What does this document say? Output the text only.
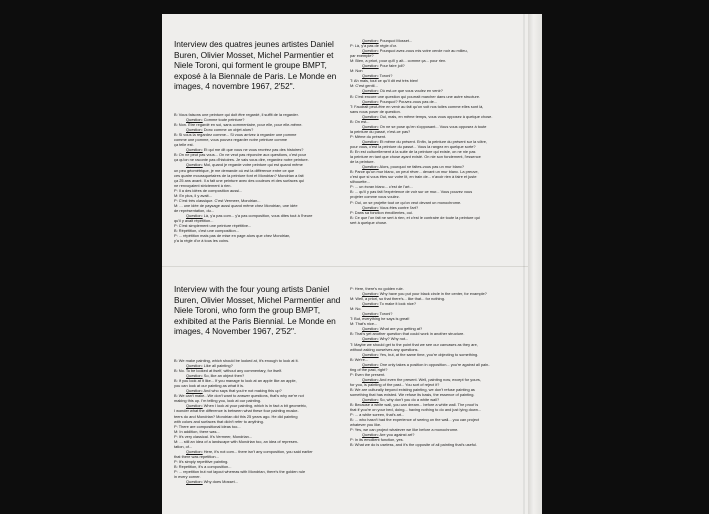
Interview des quatres jeunes artistes Daniel Buren, Olivier Mosset, Michel Parmentier et Niele Toroni, qui forment le groupe BMPT, exposé à la Biennale de Paris. Le Monde en images, 4 novembre 1967, 2'52".
B: Vous faisons une peinture qui doit être regardé, il suffit de la regarder.
Question: Comme toute peinture?
B: Non. Être regardé en soi, sans commentaire, pour elle, pour elle-même.
Question: Donc comme un objet alors?
B: Si vous la regardez comme... Si vous arrivez à regarder une pomme
comme une pomme, vous pouvez regarder notre peinture comme
ça telle est.
Question: Et qui me dit que vous ne vous recréez pas des histoires?
B: On ne peut pas vous... On ne veut pas répondre aux questions, c'est pour
ça qu'on ne raconte pas d'histoires. Je vais vous dire, regardez notre peinture.
Question: Moi, quand je regarde votre peinture qui est quand même
un peu géométrique, je me demande où est la différence entre ce que
ces quatre moussquetaires de la peinture font et Mondrian? Mondrian a fait
ça 25 ans avant. Il a fait une peinture avec des couleurs et des surfaces qui
ne renvoyaient strictement à rien.
P: Il a des idées de composition aussi...
M: En plus, il y avait...
P: C'est très classique. C'est Vermeer, Mondrian...
M: ... une idée de paysage aussi quand même chez Mondrian, une idée
de représentation, du...
Question: Là, y'a pas com... y'a pas composition, vous dites tout à l'heure
qu'il y avait répétition...
P: C'est simplement une peinture répétitive...
B: Répétition, c'est une composition...
P: ... répétition mais pas de mise en page alors que chez Mondrian,
y'a la règle d'or à tous les coins.
Question: Pourquoi Mosset...
P: Là, y'a pas de règle d'or.
Question: Pourquoi avez-vous mis votre cercle noir au milieu,
par exemple?
M: Bien, a priori, pour qu'il y ait... comme ça... pour rien.
Question: Pour faire joli?
M: Non
Question: Toroni?
T: Ah mais, tout ce qu'il dit est très bien!
M: C'est gentil...
Question: Où est-ce que vous voulez en venir?
B: C'est encore une question qui pourrait marcher dans une autre structure.
Question: Pourquoi? Pouvez-vous pas de...
T: Faudrait peut-être en venir au fait qu'on voit nos toiles comme elles sont là,
sans nous poser de question.
Question: Oui, mais, en même temps, vous vous opposez à quelque chose.
B: On est...
Question: On ne se pose qu'en s'opposant... Vous vous opposez à toute
la peinture du passé, n'est-ce pas?
P: Même du présent.
Question: Et même du présent. Enfin, la peinture du présent sur la vôtre,
pour vous, c'est la peinture du passé... Vous la rangez en quelque sorte?
B: En est culturellement à la suite de la peinture qui existe, on ne nie pas
la peinture en tant que chose ayant existé. On nie son fondement, l'essence
de la peinture.
Question: Alors, pourquoi ne faites-vous pas un mur blanc?
B: Parce qu'un mur blanc, on peut rêver... devant un mur blanc. La preuve,
c'est que si vous êtes sur votre lit, en train de... n'avoir rien à faire et juste
silhouette...
P: ... un écran blanc... c'est de l'art...
B: ... qu'il y pas fait l'expérience de voir sur ce mur... Vous pouvez vous
projeter comme vous voulez.
P: Oui, on se projette tout ce qu'on veut devant un monochrome.
Question: Vous êtes contre l'art?
P: Dans sa fonction émollientes, oui.
B: Ce que l'on fait ne sert à rien, et c'est le contraire de toute la peinture qui
sert à quelque chose.
Interview with the four young artists Daniel Buren, Olivier Mosset, Michel Parmentier and Niele Toroni, who form the group BMPT, exhibited at the Paris Biennial. Le Monde en images, 4 November 1967, 2'52".
B: We make painting, which should be looked at, it's enough to look at it.
Question: Like all painting?
B: No. To be looked at itself, without any commentary, for itself.
Question: So, like an object then?
B: If you look at it like... If you manage to look at an apple like an apple,
you can look at our painting as what it is.
Question: And who says that you're not making this up?
B: We can't make...We don't want to answer questions, that's why we're not
making this up. I'm telling you, look at our painting.
Question: When I look at your painting, which is in fact a bit geometric,
I wonder what the difference is between what these four painting muske-
teers do and Mondrian? Mondrian did this 25 years ago. He did painting
with colors and surfaces that didn't refer to anything.
P: There are compositional ideas too...
M: In addition, there was...
P: It's very classical. It's Vermeer, Mondrian...
M: ... still an idea of a landscape with Mondrian too, an idea of represen-
tation, of...
Question: Here, it's not com... there isn't any composition, you said earlier
that there was repetition...
P: It's simply repetitive painting.
B: Repetition, it's a composition...
P: ... repetition but not layout whereas with Mondrian, there's the golden rule
in every corner.
Question: Why does Mosset...
P: Here, there's no golden rule.
Question: Why have you put your black circle in the center, for example?
M: Well, a priori, so that there's... like that... for nothing.
Question: To make it look nice?
M: No.
Question: Toroni?
T: But, everything he says is great!
M: That's nice...
Question: What are you getting at?
B: That's yet another question that could work in another structure.
Question: Why? Why not...
T: Maybe we should get to the point that we see our canvases as they are,
without asking ourselves any questions.
Question: Yes, but, at the same time, you're objecting to something.
B: We're...
Question: One only takes a position in opposition... you're against all pain-
ting of the past, right?
P: Even the present.
Question: And even the present. Well, painting now, except for yours,
for you, is painting of the past... You sort of reject it?
B: We are culturally beyond existing painting, we don't refuse painting as
something that has existed. We refuse its basis, the essence of painting.
Question: So, why don't you do a white wall?
B: Because a white wall, you can dream... before a white wall. The proof is
that if you're on your bed, doing... having nothing to do and just lying down...
P: ... a white screen, that's art...
B: ... who hasn't had the experience of seeing on the wall... you can project
whatever you like.
P: Yes, we can project whatever we like before a monochrome.
Question: Are you against art?
P: In its emollient function, yes.
B: What we do is useless, and it's the opposite of all painting that's useful.
